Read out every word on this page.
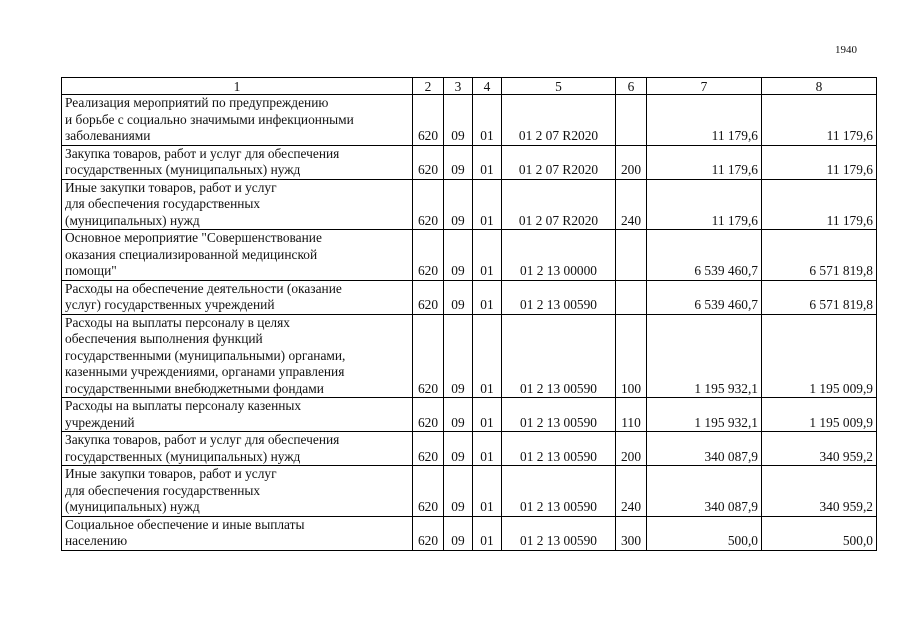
1940
1	2	3	4	5	6	7	8

Реализация мероприятий по предупреждению
и борьбе с социально значимыми инфекционными
заболеваниями	620	09	01	01 2 07 R2020		11 179,6	11 179,6

Закупка товаров, работ и услуг для обеспечения
государственных (муниципальных) нужд	620	09	01	01 2 07 R2020	200	11 179,6	11 179,6

Иные закупки товаров, работ и услуг
для обеспечения государственных
(муниципальных) нужд	620	09	01	01 2 07 R2020	240	11 179,6	11 179,6

Основное мероприятие "Совершенствование
оказания специализированной медицинской
помощи"	620	09	01	01 2 13 00000		6 539 460,7	6 571 819,8

Расходы на обеспечение деятельности (оказание
услуг) государственных учреждений	620	09	01	01 2 13 00590		6 539 460,7	6 571 819,8

Расходы на выплаты персоналу в целях
обеспечения выполнения функций
государственными (муниципальными) органами,
казенными учреждениями, органами управления
государственными внебюджетными фондами	620	09	01	01 2 13 00590	100	1 195 932,1	1 195 009,9

Расходы на выплаты персоналу казенных
учреждений	620	09	01	01 2 13 00590	110	1 195 932,1	1 195 009,9

Закупка товаров, работ и услуг для обеспечения
государственных (муниципальных) нужд	620	09	01	01 2 13 00590	200	340 087,9	340 959,2

Иные закупки товаров, работ и услуг
для обеспечения государственных
(муниципальных) нужд	620	09	01	01 2 13 00590	240	340 087,9	340 959,2

Социальное обеспечение и иные выплаты
населению	620	09	01	01 2 13 00590	300	500,0	500,0
